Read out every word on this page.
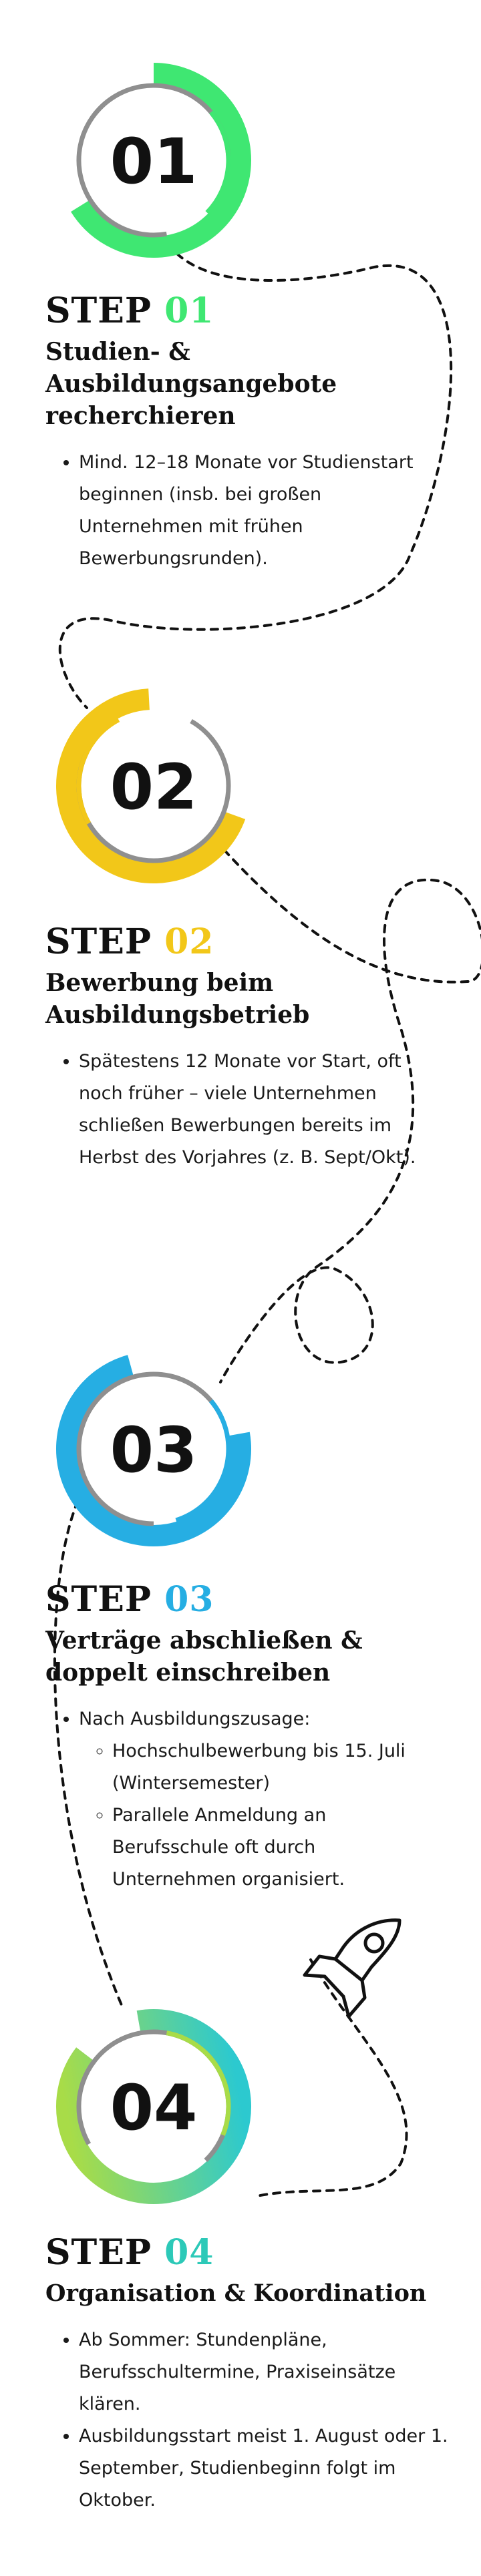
01
02
03
04
STEP 01
Studien- &
Ausbildungsangebote
recherchieren
• Mind. 12–18 Monate vor Studienstart beginnen (insb. bei großen Unternehmen mit frühen Bewerbungsrunden).
STEP 02
Bewerbung beim
Ausbildungsbetrieb
• Spätestens 12 Monate vor Start, oft noch früher – viele Unternehmen schließen Bewerbungen bereits im Herbst des Vorjahres (z. B. Sept/Okt).
STEP 03
Verträge abschließen &
doppelt einschreiben
• Nach Ausbildungszusage:
◦ Hochschulbewerbung bis 15. Juli (Wintersemester)
◦ Parallele Anmeldung an Berufsschule oft durch Unternehmen organisiert.
STEP 04
Organisation & Koordination
• Ab Sommer: Stundenpläne, Berufsschultermine, Praxiseinsätze klären.
• Ausbildungsstart meist 1. August oder 1. September, Studienbeginn folgt im Oktober.
